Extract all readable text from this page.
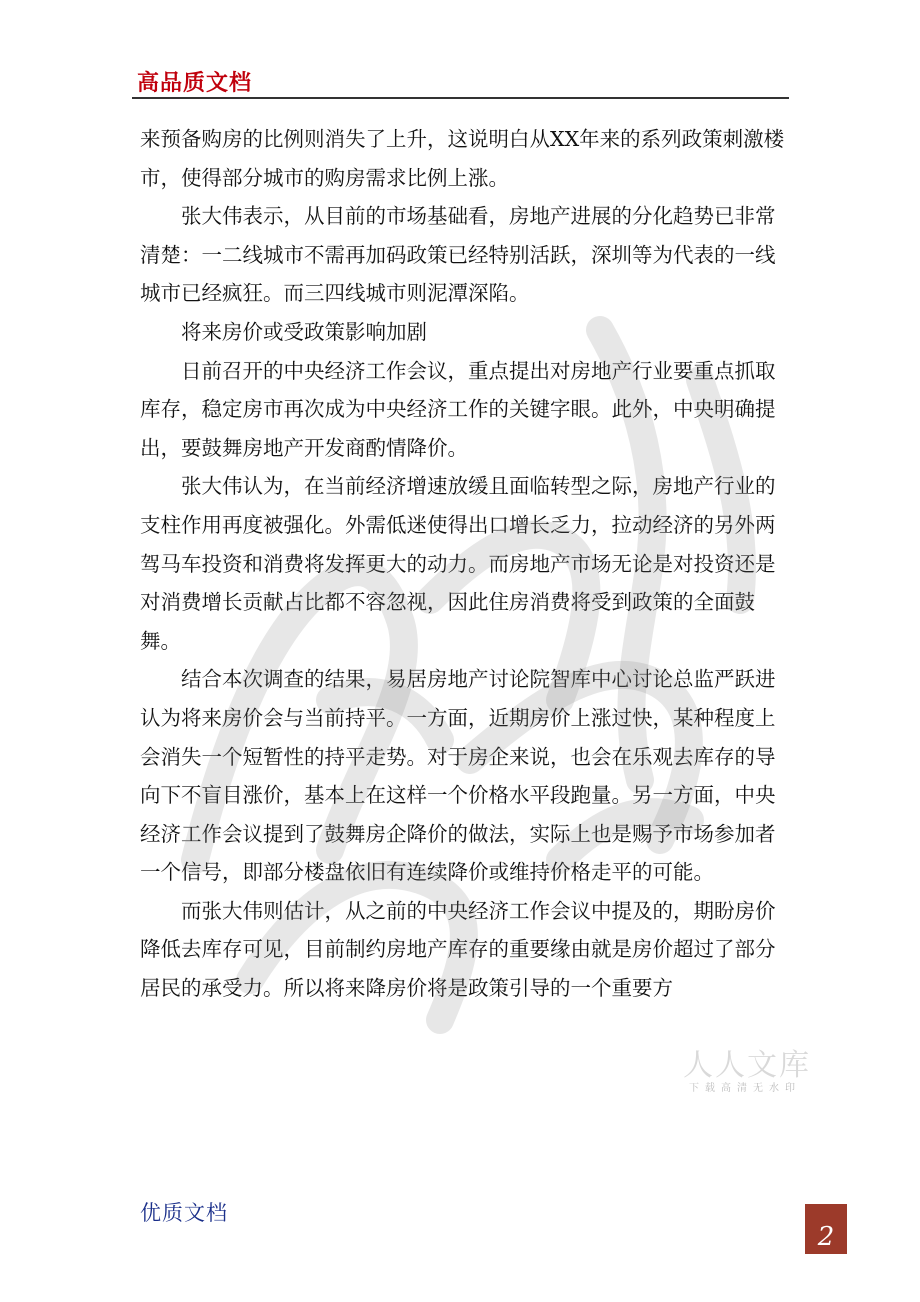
高品质文档

来预备购房的比例则消失了上升，这说明白从XX年来的系列政策刺激楼市，使得部分城市的购房需求比例上涨。

张大伟表示，从目前的市场基础看，房地产进展的分化趋势已非常清楚：一二线城市不需再加码政策已经特别活跃，深圳等为代表的一线城市已经疯狂。而三四线城市则泥潭深陷。

将来房价或受政策影响加剧

日前召开的中央经济工作会议，重点提出对房地产行业要重点抓取库存，稳定房市再次成为中央经济工作的关键字眼。此外，中央明确提出，要鼓舞房地产开发商酌情降价。

张大伟认为，在当前经济增速放缓且面临转型之际，房地产行业的支柱作用再度被强化。外需低迷使得出口增长乏力，拉动经济的另外两驾马车投资和消费将发挥更大的动力。而房地产市场无论是对投资还是对消费增长贡献占比都不容忽视，因此住房消费将受到政策的全面鼓舞。

结合本次调查的结果，易居房地产讨论院智库中心讨论总监严跃进认为将来房价会与当前持平。一方面，近期房价上涨过快，某种程度上会消失一个短暂性的持平走势。对于房企来说，也会在乐观去库存的导向下不盲目涨价，基本上在这样一个价格水平段跑量。另一方面，中央经济工作会议提到了鼓舞房企降价的做法，实际上也是赐予市场参加者一个信号，即部分楼盘依旧有连续降价或维持价格走平的可能。

而张大伟则估计，从之前的中央经济工作会议中提及的，期盼房价降低去库存可见，目前制约房地产库存的重要缘由就是房价超过了部分居民的承受力。所以将来降房价将是政策引导的一个重要方

人人文库
下载高清无水印
优质文档
2
